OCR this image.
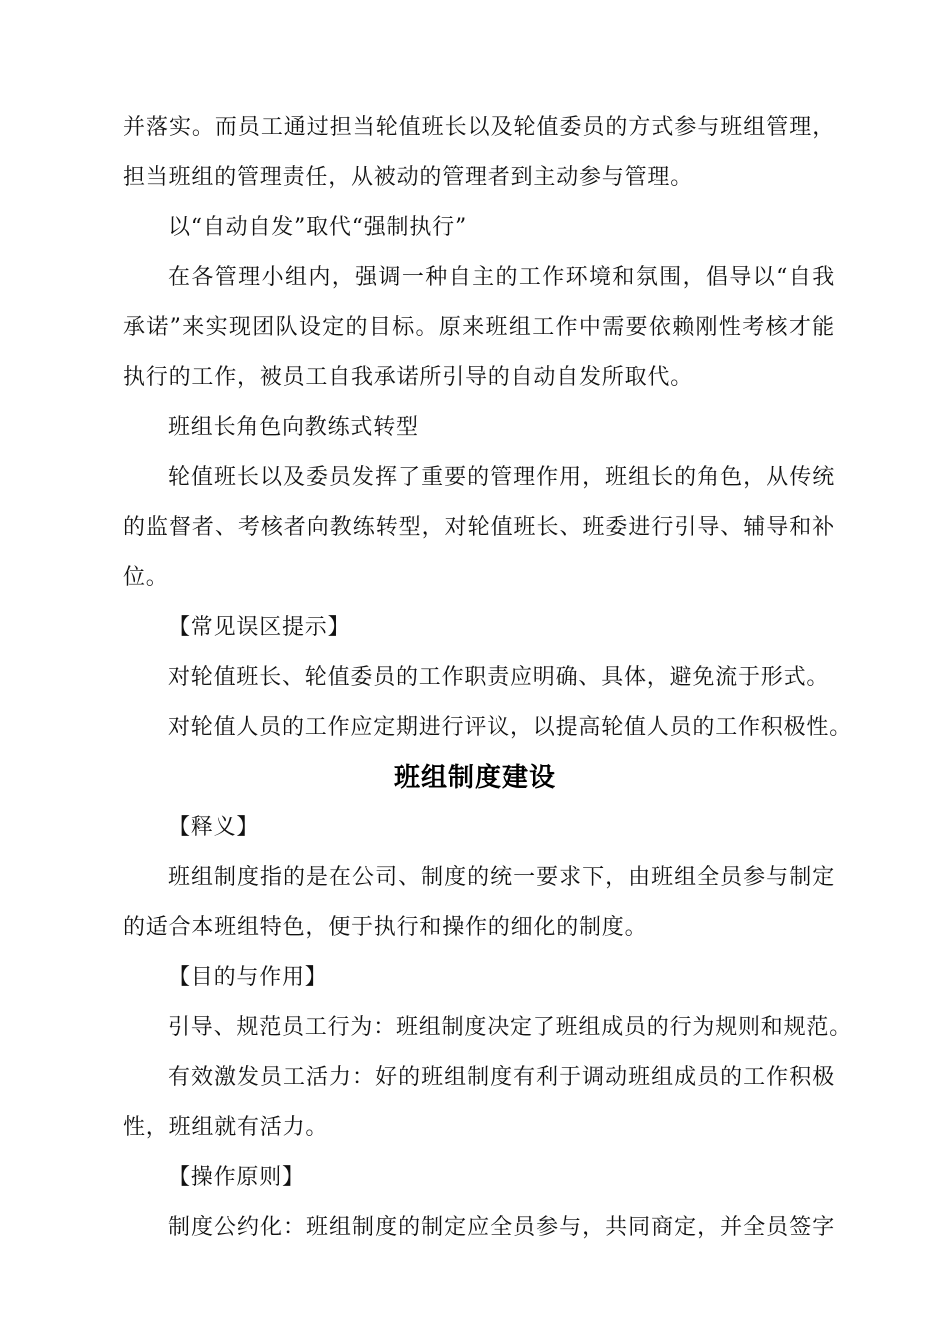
并落实。而员工通过担当轮值班长以及轮值委员的方式参与班组管理，
担当班组的管理责任，从被动的管理者到主动参与管理。
以“自动自发”取代“强制执行”
在各管理小组内，强调一种自主的工作环境和氛围，倡导以“自我
承诺”来实现团队设定的目标。原来班组工作中需要依赖刚性考核才能
执行的工作，被员工自我承诺所引导的自动自发所取代。
班组长角色向教练式转型
轮值班长以及委员发挥了重要的管理作用，班组长的角色，从传统
的监督者、考核者向教练转型，对轮值班长、班委进行引导、辅导和补
位。
【常见误区提示】
对轮值班长、轮值委员的工作职责应明确、具体，避免流于形式。
对轮值人员的工作应定期进行评议，以提高轮值人员的工作积极性。
班组制度建设
【释义】
班组制度指的是在公司、制度的统一要求下，由班组全员参与制定
的适合本班组特色，便于执行和操作的细化的制度。
【目的与作用】
引导、规范员工行为：班组制度决定了班组成员的行为规则和规范。
有效激发员工活力：好的班组制度有利于调动班组成员的工作积极
性，班组就有活力。
【操作原则】
制度公约化：班组制度的制定应全员参与，共同商定，并全员签字
